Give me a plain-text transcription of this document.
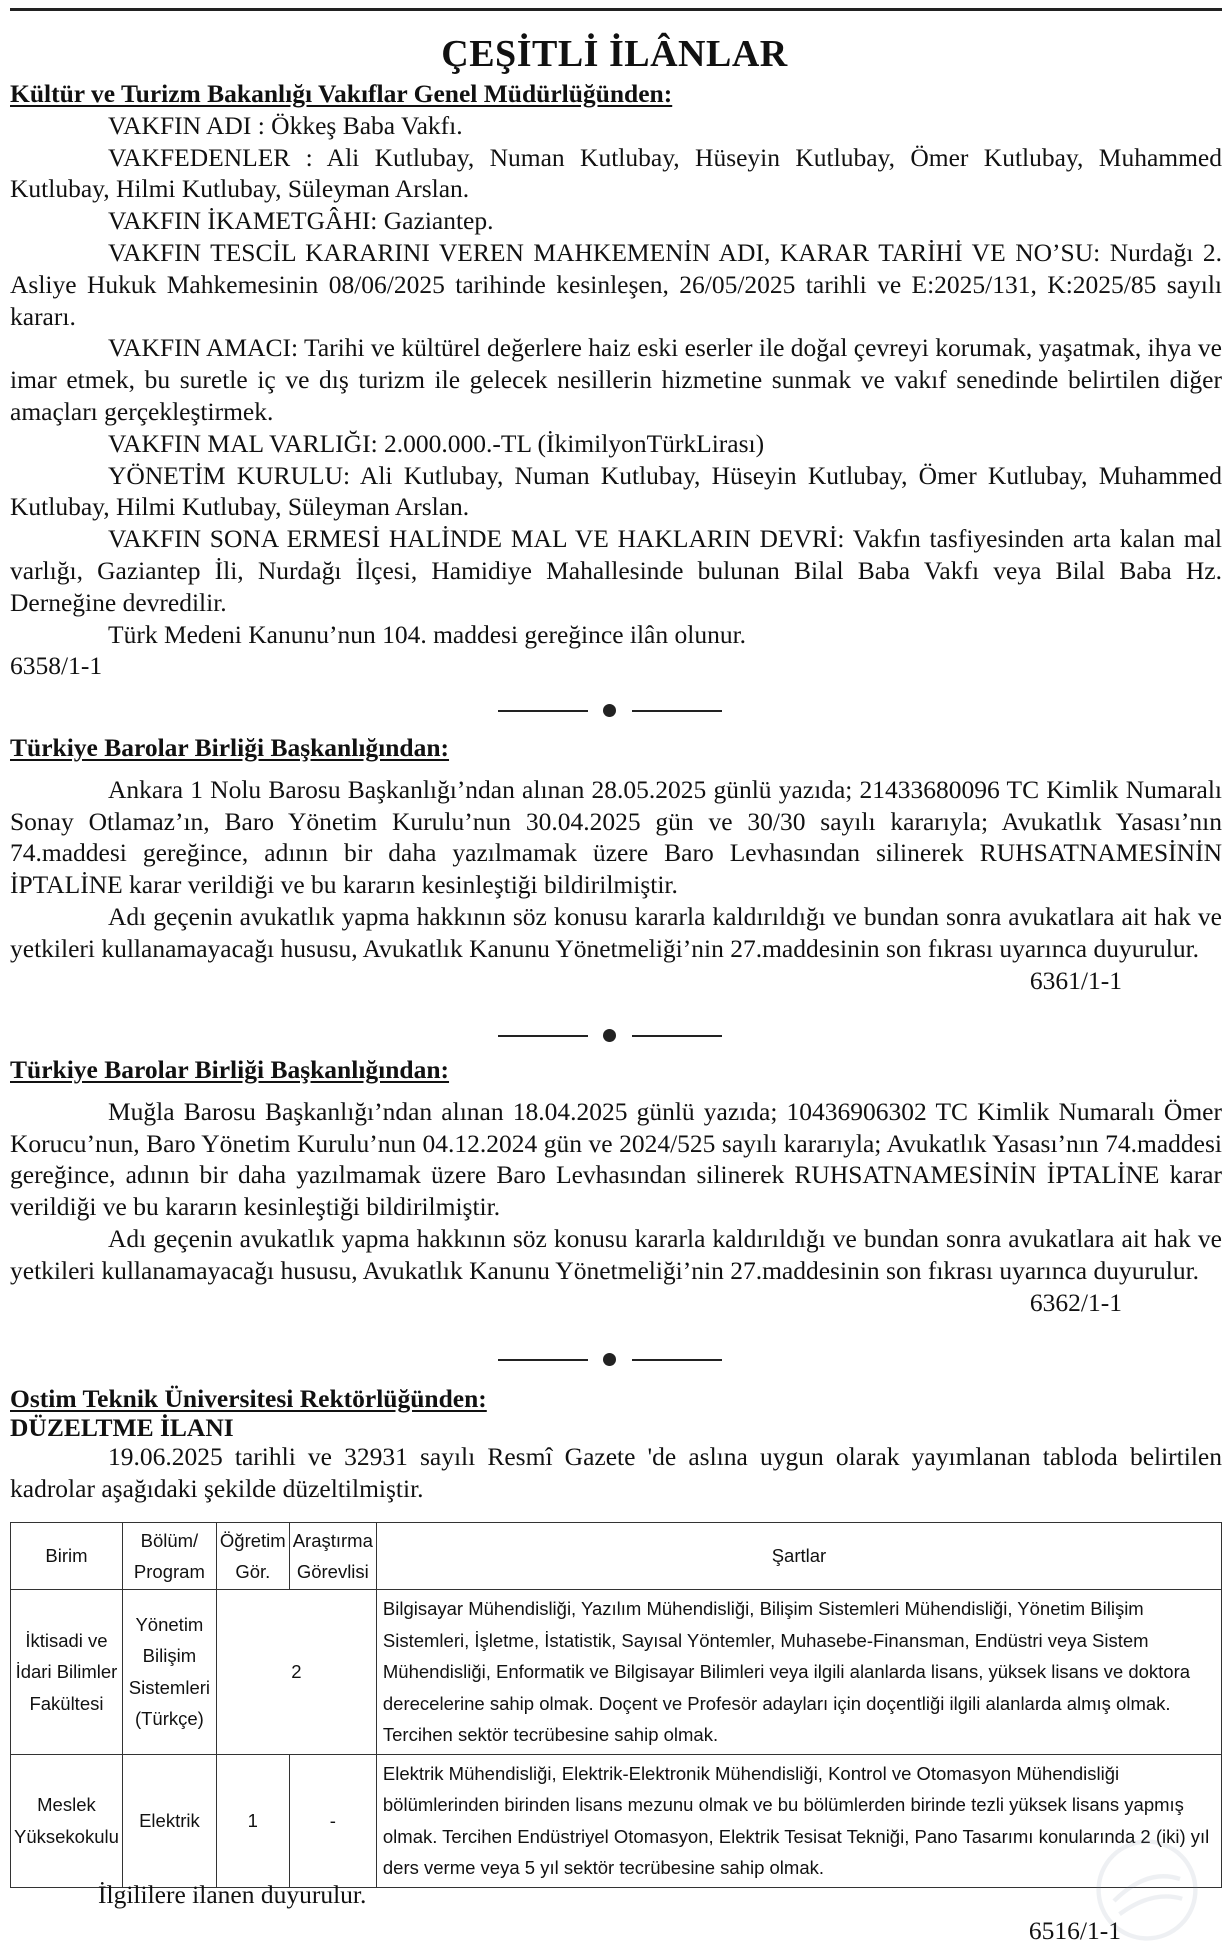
ÇEŞİTLİ İLÂNLAR

Kültür ve Turizm Bakanlığı Vakıflar Genel Müdürlüğünden:

VAKFIN ADI : Ökkeş Baba Vakfı.

VAKFEDENLER : Ali Kutlubay, Numan Kutlubay, Hüseyin Kutlubay, Ömer Kutlubay, Muhammed Kutlubay, Hilmi Kutlubay, Süleyman Arslan.

VAKFIN İKAMETGÂHI: Gaziantep.

VAKFIN TESCİL KARARINI VEREN MAHKEMENİN ADI, KARAR TARİHİ VE NO’SU: Nurdağı 2. Asliye Hukuk Mahkemesinin 08/06/2025 tarihinde kesinleşen, 26/05/2025 tarihli ve E:2025/131, K:2025/85 sayılı kararı.

VAKFIN AMACI: Tarihi ve kültürel değerlere haiz eski eserler ile doğal çevreyi korumak, yaşatmak, ihya ve imar etmek, bu suretle iç ve dış turizm ile gelecek nesillerin hizmetine sunmak ve vakıf senedinde belirtilen diğer amaçları gerçekleştirmek.

VAKFIN MAL VARLIĞI: 2.000.000.-TL (İkimilyonTürkLirası)

YÖNETİM KURULU: Ali Kutlubay, Numan Kutlubay, Hüseyin Kutlubay, Ömer Kutlubay, Muhammed Kutlubay, Hilmi Kutlubay, Süleyman Arslan.

VAKFIN SONA ERMESİ HALİNDE MAL VE HAKLARIN DEVRİ: Vakfın tasfiyesinden arta kalan mal varlığı, Gaziantep İli, Nurdağı İlçesi, Hamidiye Mahallesinde bulunan Bilal Baba Vakfı veya Bilal Baba Hz. Derneğine devredilir.

Türk Medeni Kanunu’nun 104. maddesi gereğince ilân olunur.

6358/1-1

Türkiye Barolar Birliği Başkanlığından:

Ankara 1 Nolu Barosu Başkanlığı’ndan alınan 28.05.2025 günlü yazıda; 21433680096 TC Kimlik Numaralı Sonay Otlamaz’ın, Baro Yönetim Kurulu’nun 30.04.2025 gün ve 30/30 sayılı kararıyla; Avukatlık Yasası’nın 74.maddesi gereğince, adının bir daha yazılmamak üzere Baro Levhasından silinerek RUHSATNAMESİNİN İPTALİNE karar verildiği ve bu kararın kesinleştiği bildirilmiştir.

Adı geçenin avukatlık yapma hakkının söz konusu kararla kaldırıldığı ve bundan sonra avukatlara ait hak ve yetkileri kullanamayacağı hususu, Avukatlık Kanunu Yönetmeliği’nin 27.maddesinin son fıkrası uyarınca duyurulur.
6361/1-1

Türkiye Barolar Birliği Başkanlığından:

Muğla Barosu Başkanlığı’ndan alınan 18.04.2025 günlü yazıda; 10436906302 TC Kimlik Numaralı Ömer Korucu’nun, Baro Yönetim Kurulu’nun 04.12.2024 gün ve 2024/525 sayılı kararıyla; Avukatlık Yasası’nın 74.maddesi gereğince, adının bir daha yazılmamak üzere Baro Levhasından silinerek RUHSATNAMESİNİN İPTALİNE karar verildiği ve bu kararın kesinleştiği bildirilmiştir.

Adı geçenin avukatlık yapma hakkının söz konusu kararla kaldırıldığı ve bundan sonra avukatlara ait hak ve yetkileri kullanamayacağı hususu, Avukatlık Kanunu Yönetmeliği’nin 27.maddesinin son fıkrası uyarınca duyurulur.
6362/1-1

Ostim Teknik Üniversitesi Rektörlüğünden:

DÜZELTME İLANI

19.06.2025 tarihli ve 32931 sayılı Resmî Gazete 'de aslına uygun olarak yayımlanan tabloda belirtilen kadrolar aşağıdaki şekilde düzeltilmiştir.

Birim	Bölüm/ Program	Öğretim Gör.	Araştırma Görevlisi	Şartlar
İktisadi ve İdari Bilimler Fakültesi	Yönetim Bilişim Sistemleri (Türkçe)	2		Bilgisayar Mühendisliği, Yazılım Mühendisliği, Bilişim Sistemleri Mühendisliği, Yönetim Bilişim Sistemleri, İşletme, İstatistik, Sayısal Yöntemler, Muhasebe-Finansman, Endüstri veya Sistem Mühendisliği, Enformatik ve Bilgisayar Bilimleri veya ilgili alanlarda lisans, yüksek lisans ve doktora derecelerine sahip olmak. Doçent ve Profesör adayları için doçentliği ilgili alanlarda almış olmak. Tercihen sektör tecrübesine sahip olmak.
Meslek Yüksekokulu	Elektrik	1	-	Elektrik Mühendisliği, Elektrik-Elektronik Mühendisliği, Kontrol ve Otomasyon Mühendisliği bölümlerinden birinden lisans mezunu olmak ve bu bölümlerden birinde tezli yüksek lisans yapmış olmak. Tercihen Endüstriyel Otomasyon, Elektrik Tesisat Tekniği, Pano Tasarımı konularında 2 (iki) yıl ders verme veya 5 yıl sektör tecrübesine sahip olmak.
İlgililere ilanen duyurulur.
6516/1-1
